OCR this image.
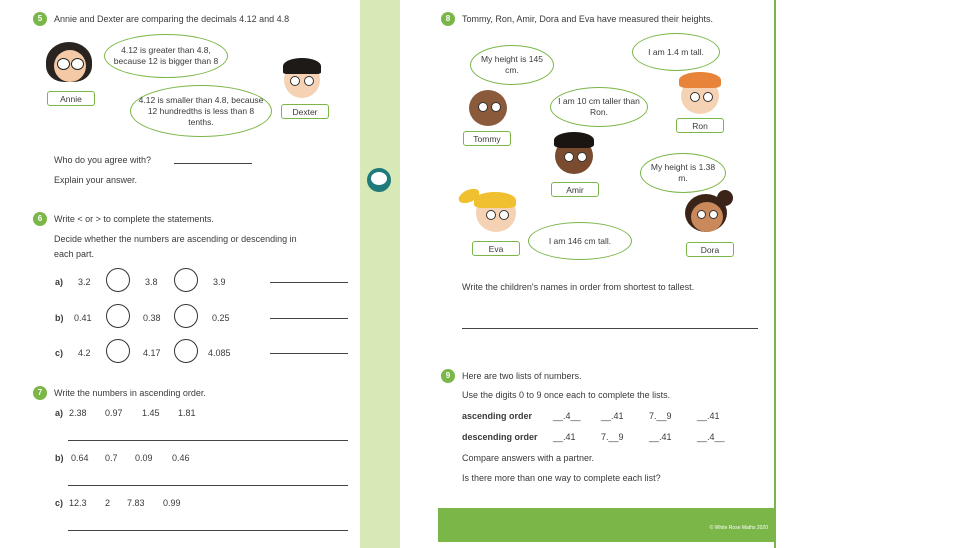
5	Annie and Dexter are comparing the decimals 4.12 and 4.8
Annie
4.12 is greater than 4.8, because 12 is bigger than 8
Dexter
4.12 is smaller than 4.8, because 12 hundredths is less than 8 tenths.
Who do you agree with?
Explain your answer.
6	Write < or > to complete the statements.
Decide whether the numbers are ascending or descending in
each part.
a) 3.2	3.8	3.9
b) 0.41	0.38	0.25
c) 4.2	4.17	4.085
7	Write the numbers in ascending order.
a) 2.38 0.97 1.45 1.81
b) 0.64 0.7 0.09 0.46
c) 12.3 2 7.83 0.99
8	Tommy, Ron, Amir, Dora and Eva have measured their heights.
My height is 145 cm.
Tommy
I am 1.4 m tall.
Ron
I am 10 cm taller than Ron.
Amir
My height is 1.38 m.
Dora
Eva
I am 146 cm tall.
Write the children's names in order from shortest to tallest.
9	Here are two lists of numbers.
Use the digits 0 to 9 once each to complete the lists.
ascending order __.4__ __.41	7.__9	__.41
descending order __.41	7.__9	__.41	__.4__
Compare answers with a partner.
Is there more than one way to complete each list?
© White Rose Maths 2020
